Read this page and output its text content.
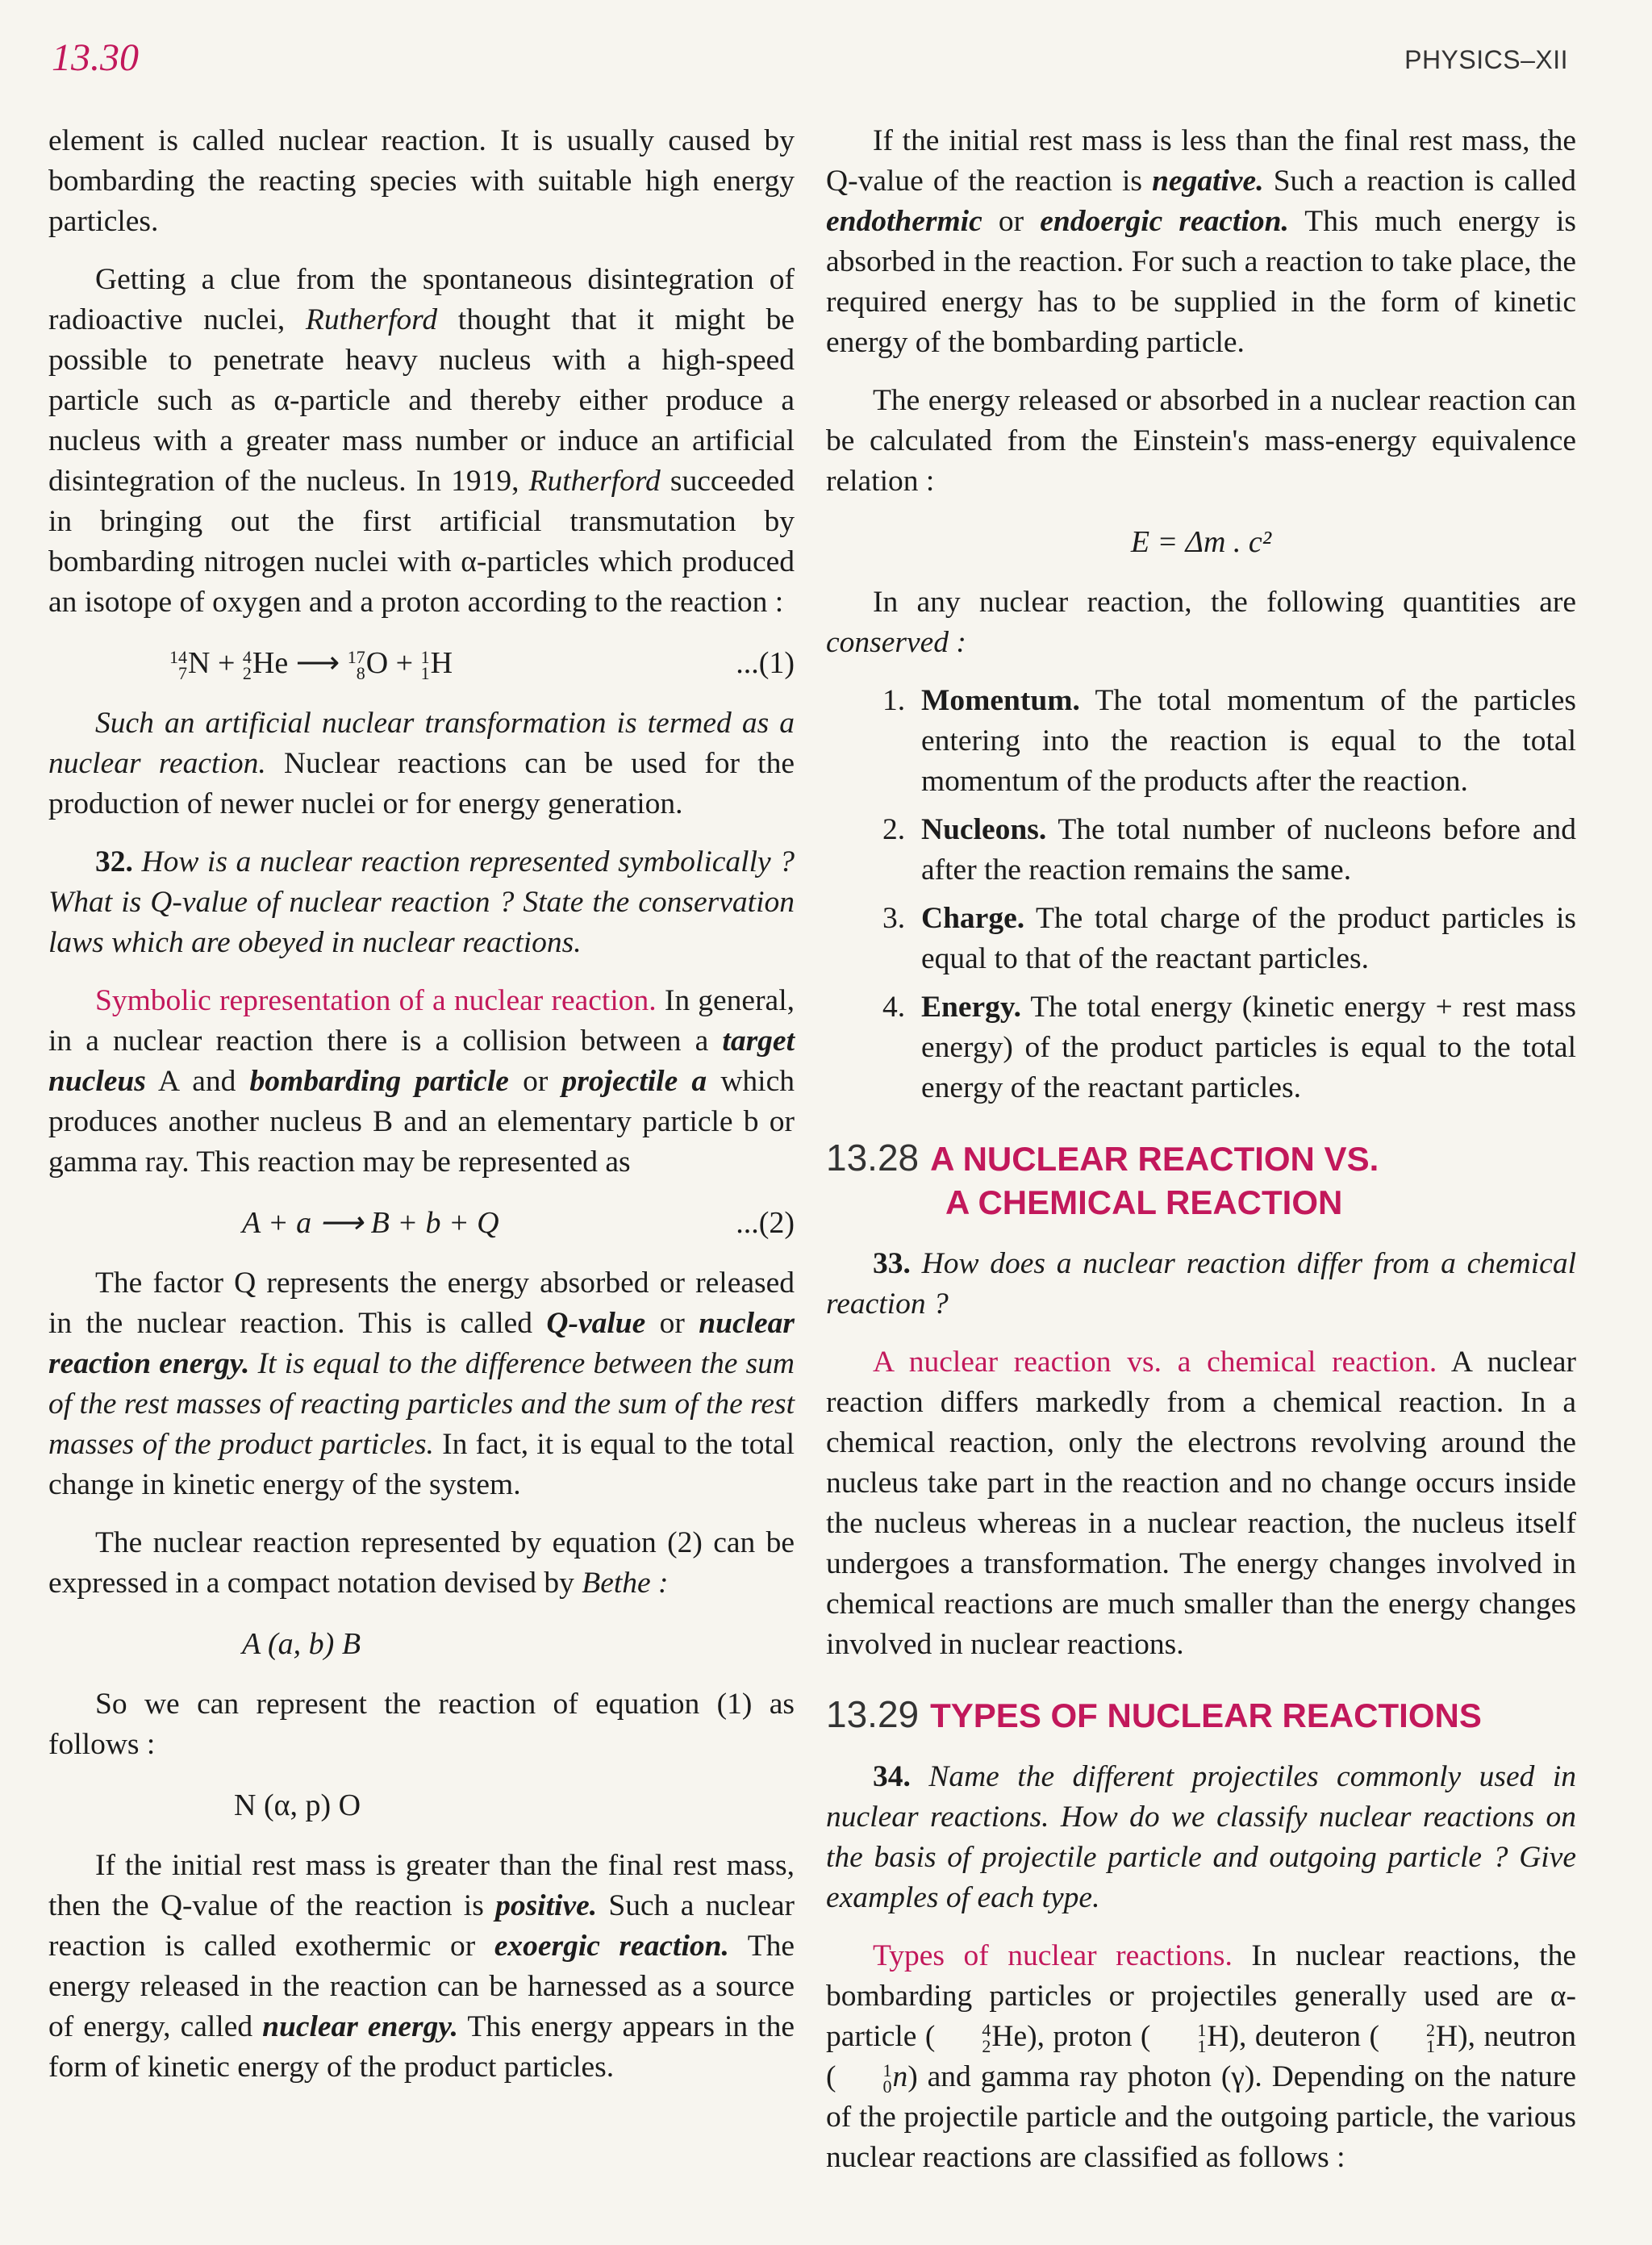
13.30	PHYSICS–XII

element is called nuclear reaction. It is usually caused by bombarding the reacting species with suitable high energy particles.

Getting a clue from the spontaneous disintegration of radioactive nuclei, Rutherford thought that it might be possible to penetrate heavy nucleus with a high-speed particle such as α-particle and thereby either produce a nucleus with a greater mass number or induce an artificial disintegration of the nucleus. In 1919, Rutherford succeeded in bringing out the first artificial transmutation by bombarding nitrogen nuclei with α-particles which produced an isotope of oxygen and a proton according to the reaction :

14
7 N + 4
2 He ⟶ 17
8 O + 1
1 H	...(1)

Such an artificial nuclear transformation is termed as a nuclear reaction. Nuclear reactions can be used for the production of newer nuclei or for energy generation.

32. How is a nuclear reaction represented symbolically ? What is Q-value of nuclear reaction ? State the conservation laws which are obeyed in nuclear reactions.

Symbolic representation of a nuclear reaction. In general, in a nuclear reaction there is a collision between a target nucleus A and bombarding particle or projectile a which produces another nucleus B and an elementary particle b or gamma ray. This reaction may be represented as

A + a ⟶ B + b + Q	...(2)

The factor Q represents the energy absorbed or released in the nuclear reaction. This is called Q-value or nuclear reaction energy. It is equal to the difference between the sum of the rest masses of reacting particles and the sum of the rest masses of the product particles. In fact, it is equal to the total change in kinetic energy of the system.

The nuclear reaction represented by equation (2) can be expressed in a compact notation devised by Bethe :

A (a, b) B

So we can represent the reaction of equation (1) as follows :

N (α, p) O

If the initial rest mass is greater than the final rest mass, then the Q-value of the reaction is positive. Such a nuclear reaction is called exothermic or exoergic reaction. The energy released in the reaction can be harnessed as a source of energy, called nuclear energy. This energy appears in the form of kinetic energy of the product particles.

If the initial rest mass is less than the final rest mass, the Q-value of the reaction is negative. Such a reaction is called endothermic or endoergic reaction. This much energy is absorbed in the reaction. For such a reaction to take place, the required energy has to be supplied in the form of kinetic energy of the bombarding particle.

The energy released or absorbed in a nuclear reaction can be calculated from the Einstein's mass-energy equivalence relation :

E = Δm . c²

In any nuclear reaction, the following quantities are conserved :

1. Momentum. The total momentum of the particles entering into the reaction is equal to the total momentum of the products after the reaction.
2. Nucleons. The total number of nucleons before and after the reaction remains the same.
3. Charge. The total charge of the product particles is equal to that of the reactant particles.
4. Energy. The total energy (kinetic energy + rest mass energy) of the product particles is equal to the total energy of the reactant particles.
13.28 A NUCLEAR REACTION VS.
A CHEMICAL REACTION

33. How does a nuclear reaction differ from a chemical reaction ?

A nuclear reaction vs. a chemical reaction. A nuclear reaction differs markedly from a chemical reaction. In a chemical reaction, only the electrons revolving around the nucleus take part in the reaction and no change occurs inside the nucleus whereas in a nuclear reaction, the nucleus itself undergoes a transformation. The energy changes involved in chemical reactions are much smaller than the energy changes involved in nuclear reactions.

13.29 TYPES OF NUCLEAR REACTIONS

34. Name the different projectiles commonly used in nuclear reactions. How do we classify nuclear reactions on the basis of projectile particle and outgoing particle ? Give examples of each type.

Types of nuclear reactions. In nuclear reactions, the bombarding particles or projectiles generally used are α-particle (	4
2 He), proton (	1
1 H), deuteron (	2
1 H), neutron (	1
0 n) and gamma ray photon (γ). Depending on the nature of the projectile particle and the outgoing particle, the various nuclear reactions are classified as follows :
